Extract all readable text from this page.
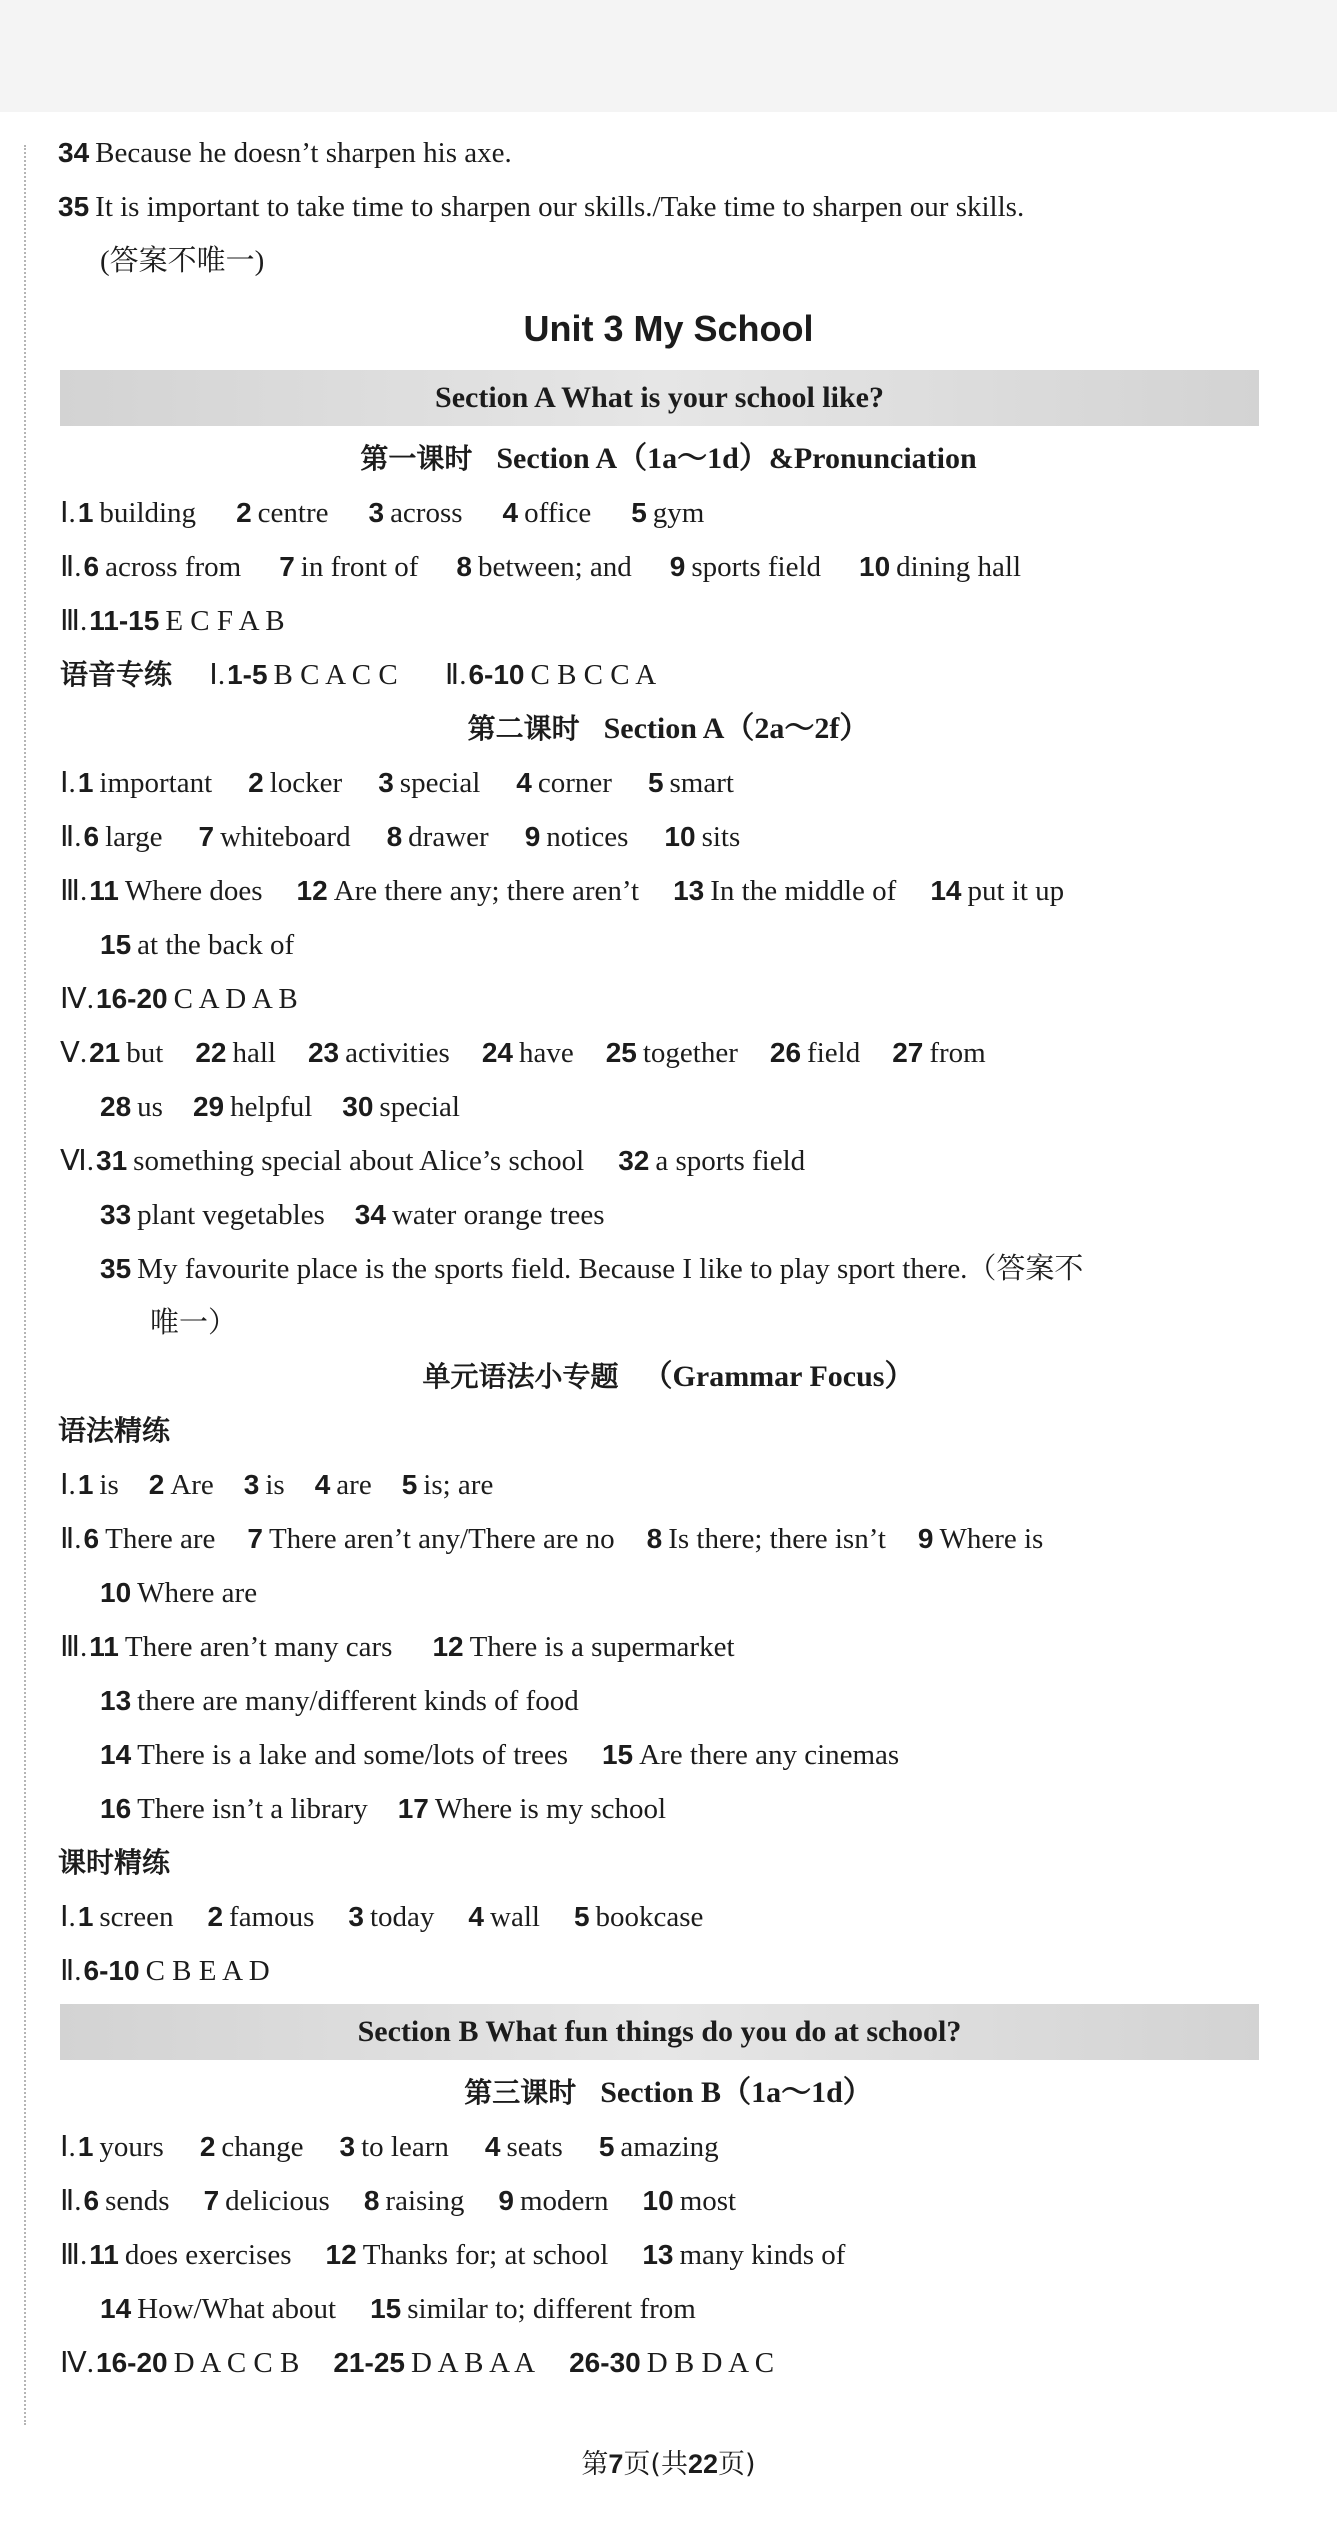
34 Because he doesn’t sharpen his axe.
35 It is important to take time to sharpen our skills./Take time to sharpen our skills.
(答案不唯一)
Unit 3 My School
Section A What is your school like?
第一课时 Section A（1a～1d）&Pronunciation
Ⅰ.1 building 2 centre 3 across 4 office 5 gym
Ⅱ.6 across from 7 in front of 8 between; and 9 sports field 10 dining hall
Ⅲ.11-15 E C F A B
语音专练 Ⅰ.1-5 B C A C C Ⅱ.6-10 C B C C A
第二课时 Section A（2a～2f）
Ⅰ.1 important 2 locker 3 special 4 corner 5 smart
Ⅱ.6 large 7 whiteboard 8 drawer 9 notices 10 sits
Ⅲ.11 Where does 12 Are there any; there aren’t 13 In the middle of 14 put it up
15 at the back of
Ⅳ.16-20 C A D A B
Ⅴ.21 but 22 hall 23 activities 24 have 25 together 26 field 27 from
28 us 29 helpful 30 special
Ⅵ.31 something special about Alice’s school 32 a sports field
33 plant vegetables 34 water orange trees
35 My favourite place is the sports field. Because I like to play sport there.（答案不
唯一）
单元语法小专题 （Grammar Focus）
语法精练
Ⅰ.1 is 2 Are 3 is 4 are 5 is; are
Ⅱ.6 There are 7 There aren’t any/There are no 8 Is there; there isn’t 9 Where is
10 Where are
Ⅲ.11 There aren’t many cars 12 There is a supermarket
13 there are many/different kinds of food
14 There is a lake and some/lots of trees 15 Are there any cinemas
16 There isn’t a library 17 Where is my school
课时精练
Ⅰ.1 screen 2 famous 3 today 4 wall 5 bookcase
Ⅱ.6-10 C B E A D
Section B What fun things do you do at school?
第三课时 Section B（1a～1d）
Ⅰ.1 yours 2 change 3 to learn 4 seats 5 amazing
Ⅱ.6 sends 7 delicious 8 raising 9 modern 10 most
Ⅲ.11 does exercises 12 Thanks for; at school 13 many kinds of
14 How/What about 15 similar to; different from
Ⅳ.16-20 D A C C B 21-25 D A B A A 26-30 D B D A C
第7页(共22页)
